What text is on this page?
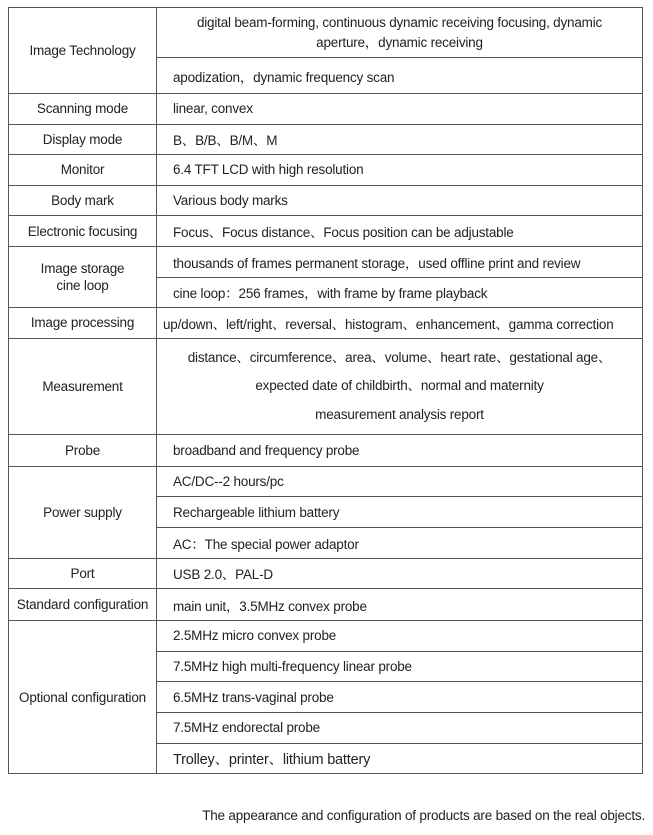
Image Technology	digital beam-forming, continuous dynamic receiving focusing, dynamic aperture，dynamic receiving
	apodization，dynamic frequency scan
Scanning mode	linear, convex
Display mode	B、B/B、B/M、M
Monitor	6.4 TFT LCD with high resolution
Body mark	Various body marks
Electronic focusing	Focus、Focus distance、Focus position can be adjustable

Image storage
cine loop	thousands of frames permanent storage，used offline print and review
	cine loop：256 frames，with frame by frame playback
Image processing	up/down、left/right、reversal、histogram、enhancement、gamma correction
Measurement	distance、circumference、area、volume、heart rate、gestational age、
expected date of childbirth、normal and maternity
measurement analysis report

Probe	broadband and frequency probe
Power supply	AC/DC--2 hours/pc
	Rechargeable lithium battery
	AC：The special power adaptor
Port	USB 2.0、PAL-D
Standard configuration	main unit，3.5MHz convex probe
Optional configuration	2.5MHz micro convex probe
	7.5MHz high multi-frequency linear probe
	6.5MHz trans-vaginal probe
	7.5MHz endorectal probe
	Trolley、printer、lithium battery
The appearance and configuration of products are based on the real objects.
